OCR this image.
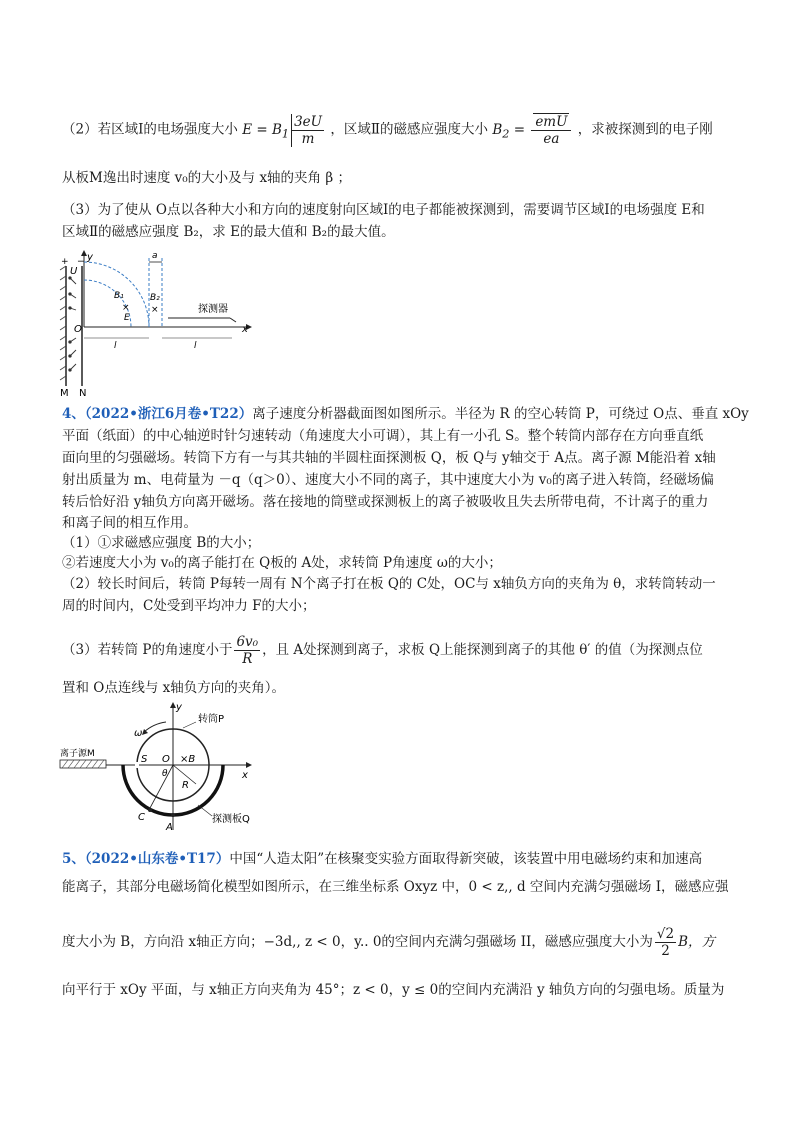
（2）若区域Ⅰ的电场强度大小 $E = B_1 \frac{3eU}{m}$ ，区域Ⅱ的磁感应强度大小 $B_2 = \frac{\text{emU}}{ea}$ ，求被探测到的电子刚
从板M逸出时速度 v₀的大小及与 x轴的夹角 β ；
（3）为了使从 O点以各种大小和方向的速度射向区域Ⅰ的电子都能被探测到，需要调节区域Ⅰ的电场强度 E和
区域Ⅱ的磁感应强度 B₂，求 E的最大值和 B₂的最大值。
y
x
+ −
U
O
M N
B₁
×
E
B₂
×
a
l	l
探测器
4、（2022•浙江6月卷•T22）离子速度分析器截面图如图所示。半径为 R 的空心转筒 P，可绕过 O点、垂直 xOy
平面（纸面）的中心轴逆时针匀速转动（角速度大小可调），其上有一小孔 S。整个转筒内部存在方向垂直纸
面向里的匀强磁场。转筒下方有一与其共轴的半圆柱面探测板 Q，板 Q与 y轴交于 A点。离子源 M能沿着 x轴
射出质量为 m、电荷量为 －q（q＞0）、速度大小不同的离子，其中速度大小为 v₀的离子进入转筒，经磁场偏
转后恰好沿 y轴负方向离开磁场。落在接地的筒壁或探测板上的离子被吸收且失去所带电荷，不计离子的重力
和离子间的相互作用。
（1）①求磁感应强度 B的大小；
②若速度大小为 v₀的离子能打在 Q板的 A处，求转筒 P角速度 ω的大小；
（2）较长时间后，转筒 P每转一周有 N个离子打在板 Q的 C处，OC与 x轴负方向的夹角为 θ，求转筒转动一
周的时间内，C处受到平均冲力 F的大小；
（3）若转筒 P的角速度小于 $\frac{\text{6v₀}}{R}$ ，且 A处探测到离子，求板 Q上能探测到离子的其他 θ′ 的值（为探测点位
置和 O点连线与 x轴负方向的夹角）。
y
x
ω
转筒P
离子源M	S O
θ
×B
R
C
A
探测板Q
5、（2022•山东卷•T17）中国“人造太阳”在核聚变实验方面取得新突破，该装置中用电磁场约束和加速高
能离子，其部分电磁场简化模型如图所示，在三维坐标系 Oxyz 中，0 < z,, d 空间内充满匀强磁场 I，磁感应强
度大小为 B，方向沿 x轴正方向；−3d,, z < 0，y.. 0的空间内充满匀强磁场 II，磁感应强度大小为 $\frac{√2}{2}$ B，方
向平行于 xOy 平面，与 x轴正方向夹角为 45°；z < 0，y ≤ 0的空间内充满沿 y 轴负方向的匀强电场。质量为
